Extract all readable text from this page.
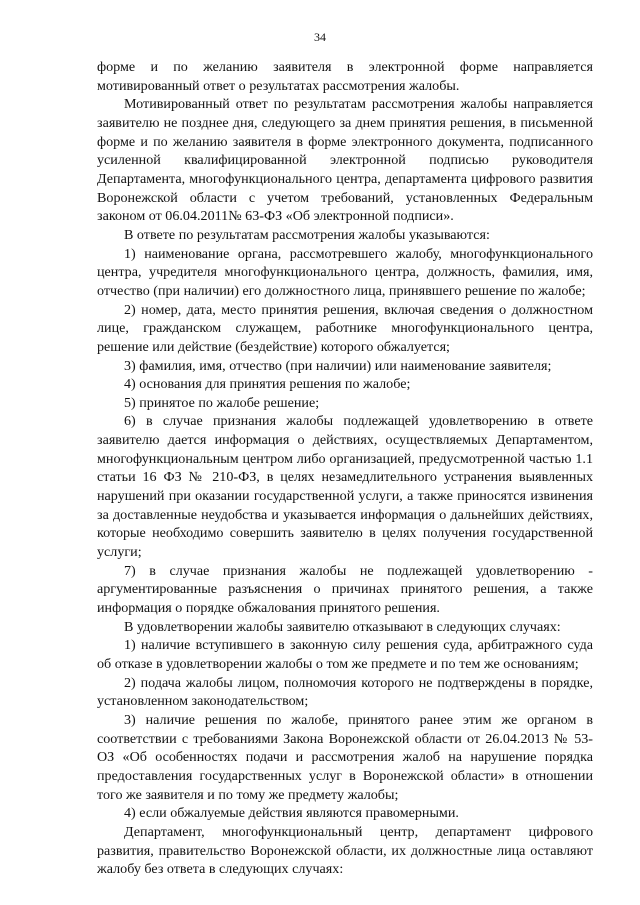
34

форме и по желанию заявителя в электронной форме направляется мотивированный ответ о результатах рассмотрения жалобы.

Мотивированный ответ по результатам рассмотрения жалобы направляется заявителю не позднее дня, следующего за днем принятия решения, в письменной форме и по желанию заявителя в форме электронного документа, подписанного усиленной квалифицированной электронной подписью руководителя Департамента, многофункционального центра, департамента цифрового развития Воронежской области с учетом требований, установленных Федеральным законом от 06.04.2011№ 63-ФЗ «Об электронной подписи».

В ответе по результатам рассмотрения жалобы указываются:

1) наименование органа, рассмотревшего жалобу, многофункционального центра, учредителя многофункционального центра, должность, фамилия, имя, отчество (при наличии) его должностного лица, принявшего решение по жалобе;

2) номер, дата, место принятия решения, включая сведения о должностном лице, гражданском служащем, работнике многофункционального центра, решение или действие (бездействие) которого обжалуется;

3) фамилия, имя, отчество (при наличии) или наименование заявителя;

4) основания для принятия решения по жалобе;

5) принятое по жалобе решение;

6) в случае признания жалобы подлежащей удовлетворению в ответе заявителю дается информация о действиях, осуществляемых Департаментом, многофункциональным центром либо организацией, предусмотренной частью 1.1 статьи 16 ФЗ № 210-ФЗ, в целях незамедлительного устранения выявленных нарушений при оказании государственной услуги, а также приносятся извинения за доставленные неудобства и указывается информация о дальнейших действиях, которые необходимо совершить заявителю в целях получения государственной услуги;

7) в случае признания жалобы не подлежащей удовлетворению - аргументированные разъяснения о причинах принятого решения, а также информация о порядке обжалования принятого решения.

В удовлетворении жалобы заявителю отказывают в следующих случаях:

1) наличие вступившего в законную силу решения суда, арбитражного суда об отказе в удовлетворении жалобы о том же предмете и по тем же основаниям;

2) подача жалобы лицом, полномочия которого не подтверждены в порядке, установленном законодательством;

3) наличие решения по жалобе, принятого ранее этим же органом в соответствии с требованиями Закона Воронежской области от 26.04.2013 № 53-ОЗ «Об особенностях подачи и рассмотрения жалоб на нарушение порядка предоставления государственных услуг в Воронежской области» в отношении того же заявителя и по тому же предмету жалобы;

4) если обжалуемые действия являются правомерными.

Департамент, многофункциональный центр, департамент цифрового развития, правительство Воронежской области, их должностные лица оставляют жалобу без ответа в следующих случаях:
